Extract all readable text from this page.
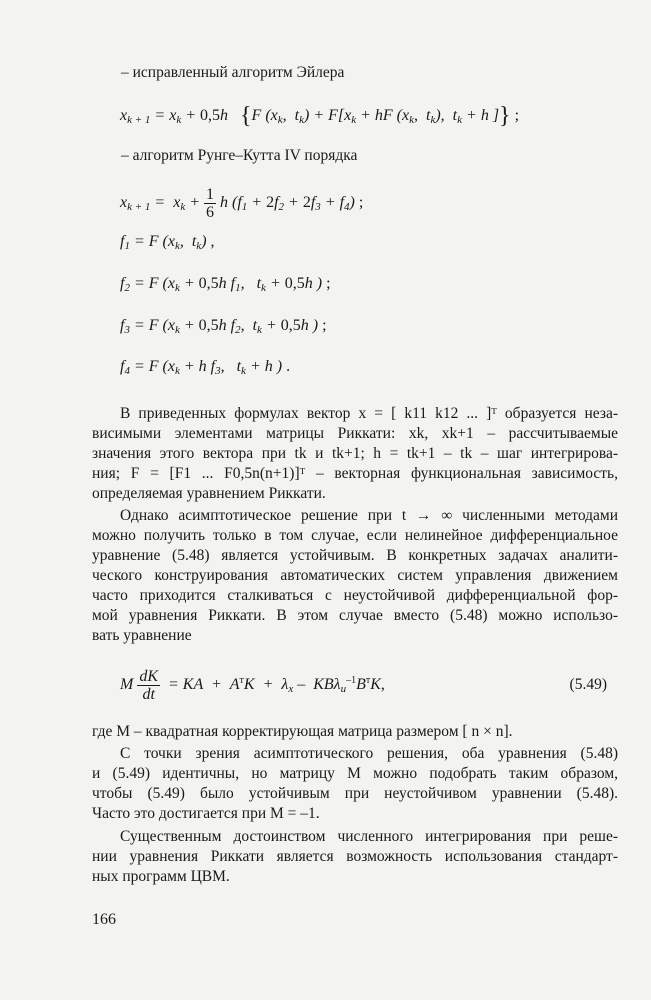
– исправленный алгоритм Эйлера
$x_{k + 1} = x_k + 0,5h$   {F ($x_k$,  $t_k) + F[x_k$ + hF ($x_k$,  $t_k$),  $t_k + h$ ]} ;
– алгоритм Рунге–Кутта IV порядка
$x_{k + 1} = x_k + \frac{1}{6}$ h $(f_1 + 2f_2 + 2f_3 + f_4)$ ;
$f_1 = F$ ($x_k$,  $t_k$) ,
$f_2 = F$ ($x_k + 0,5h$ $f_1$,   $t_k + 0,5h$ ) ;
$f_3 = F$ ($x_k + 0,5h$ $f_2$,  $t_k + 0,5h$ ) ;
$f_4 = F$ ($x_k + h$ $f_3$,   $t_k + h$ ) .
В приведенных формулах вектор x = [ k11 k12 ... ]ᵀ образуется неза-
висимыми элементами матрицы Риккати: xk, xk+1 – рассчитываемые
значения этого вектора при tk и tk+1; h = tk+1 – tk – шаг интегрирова-
ния; F = [F1 ... F0,5n(n+1)]ᵀ – векторная функциональная зависимость,
определяемая уравнением Риккати.
Однако асимптотическое решение при t → ∞ численными методами
можно получить только в том случае, если нелинейное дифференциальное
уравнение (5.48) является устойчивым. В конкретных задачах аналити-
ческого конструирования автоматических систем управления движением
часто приходится сталкиваться с неустойчивой дифференциальной фор-
мой уравнения Риккати. В этом случае вместо (5.48) можно использо-
вать уравнение
M $\frac{dK}{dt}$ = KA  +  $A^тK + \lambda_x - KB\lambda_u^{-1}B^тK$,	(5.49)
где M – квадратная корректирующая матрица размером [ n × n].
С точки зрения асимптотического решения, оба уравнения (5.48)
и (5.49) идентичны, но матрицу M можно подобрать таким образом,
чтобы (5.49) было устойчивым при неустойчивом уравнении (5.48).
Часто это достигается при M = –1.
Существенным достоинством численного интегрирования при реше-
нии уравнения Риккати является возможность использования стандарт-
ных программ ЦВМ.
166
